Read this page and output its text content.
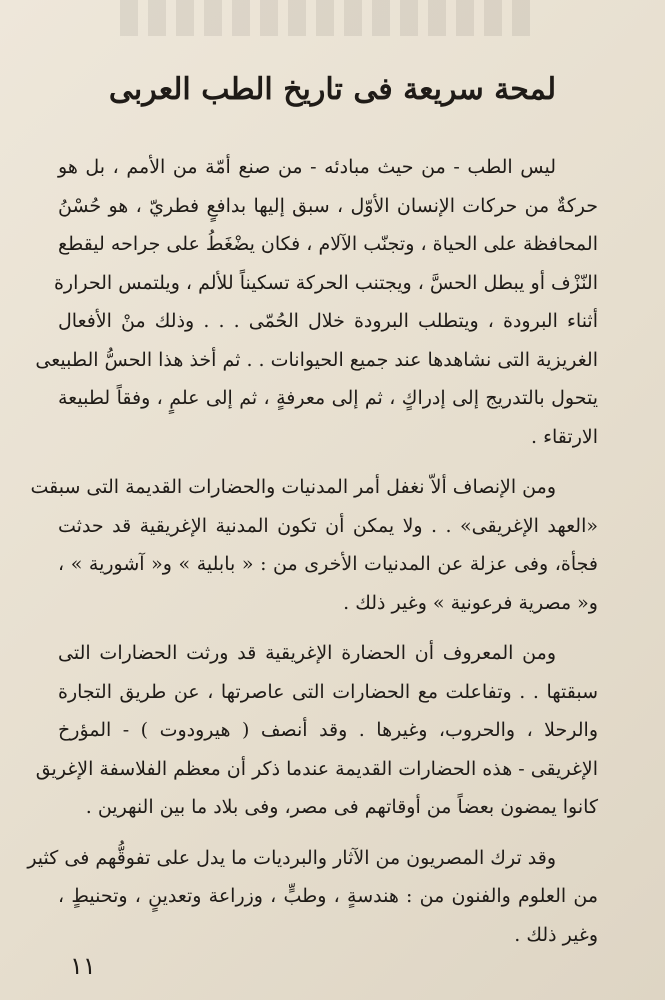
لمحة سريعة فى تاريخ الطب العربى

ليس الطب - من حيث مبادئه - من صنع أمّة من الأمم ، بل هو
حركةٌ من حركات الإنسان الأوّل ، سبق إليها بدافعٍ فطريّ ، هو حُسْنُ
المحافظة على الحياة ، وتجنّب الآلام ، فكان يضْغَطُ على جراحه ليقطع
النّزْف أو يبطل الحسَّ ، ويجتنب الحركة تسكيناً للألم ، ويلتمس الحرارة
أثناء البرودة ، ويتطلب البرودة خلال الحُمّى . . . وذلك منْ الأفعال
الغريزية التى نشاهدها عند جميع الحيوانات . . ثم أخذ هذا الحسُّ الطبيعى
يتحول بالتدريج إلى إدراكٍ ، ثم إلى معرفةٍ ، ثم إلى علمٍ ، وفقاً لطبيعة
الارتقاء .

ومن الإنصاف ألاّ نغفل أمر المدنيات والحضارات القديمة التى سبقت
«العهد الإغريقى» . . ولا يمكن أن تكون المدنية الإغريقية قد حدثت
فجأة، وفى عزلة عن المدنيات الأخرى من : « بابلية » و« آشورية » ،
و« مصرية فرعونية » وغير ذلك .

ومن المعروف أن الحضارة الإغريقية قد ورثت الحضارات التى
سبقتها . . وتفاعلت مع الحضارات التى عاصرتها ، عن طريق التجارة
والرحلا ، والحروب، وغيرها . وقد أنصف ( هيرودوت ) - المؤرخ
الإغريقى - هذه الحضارات القديمة عندما ذكر أن معظم الفلاسفة الإغريق
كانوا يمضون بعضاً من أوقاتهم فى مصر، وفى بلاد ما بين النهرين .

وقد ترك المصريون من الآثار والبرديات ما يدل على تفوقُّهم فى كثير
من العلوم والفنون من : هندسةٍ ، وطبٍّ ، وزراعة وتعدينٍ ، وتحنيطٍ ،
وغير ذلك .

١١
